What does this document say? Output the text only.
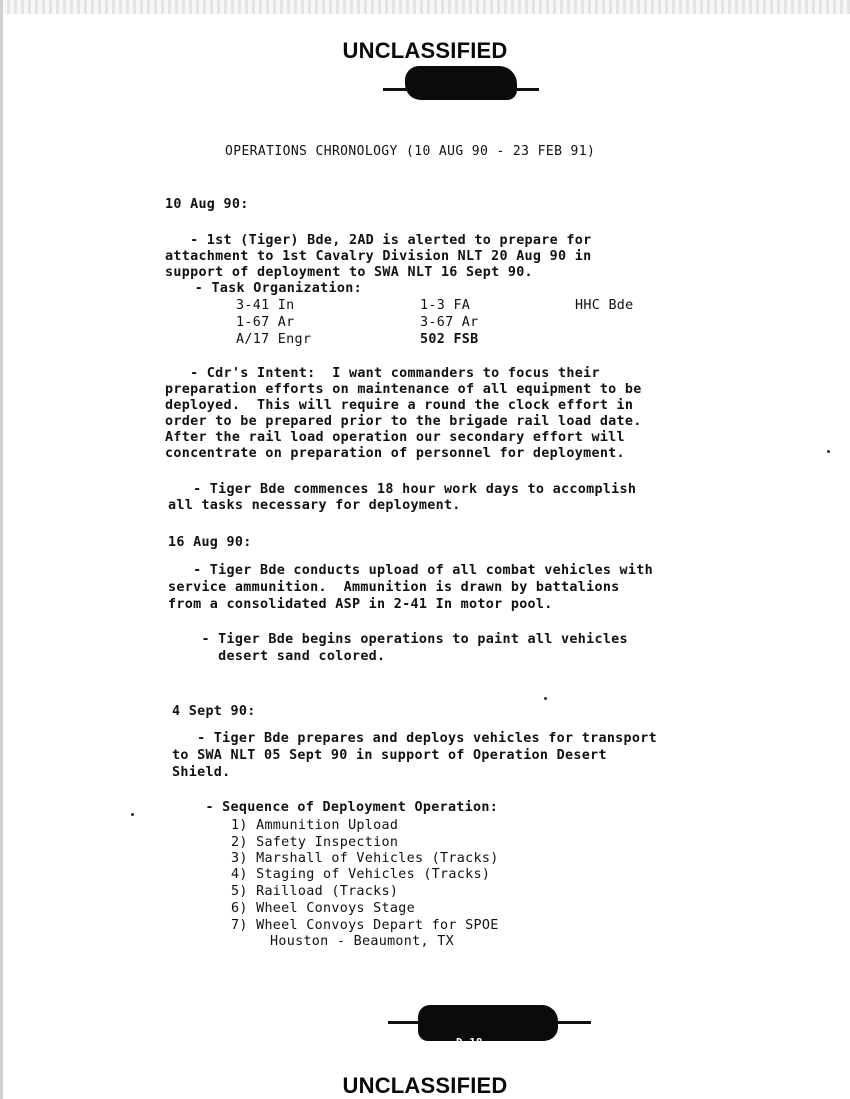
UNCLASSIFIED
OPERATIONS CHRONOLOGY (10 AUG 90 - 23 FEB 91)
10 Aug 90:
- 1st (Tiger) Bde, 2AD is alerted to prepare for
attachment to 1st Cavalry Division NLT 20 Aug 90 in
support of deployment to SWA NLT 16 Sept 90.
- Task Organization:
3-41 In	1-3 FA	HHC Bde
1-67 Ar	3-67 Ar
A/17 Engr	502 FSB
- Cdr's Intent:  I want commanders to focus their
preparation efforts on maintenance of all equipment to be
deployed.  This will require a round the clock effort in
order to be prepared prior to the brigade rail load date.
After the rail load operation our secondary effort will
concentrate on preparation of personnel for deployment.
- Tiger Bde commences 18 hour work days to accomplish
all tasks necessary for deployment.
16 Aug 90:
- Tiger Bde conducts upload of all combat vehicles with
service ammunition.  Ammunition is drawn by battalions
from a consolidated ASP in 2-41 In motor pool.
- Tiger Bde begins operations to paint all vehicles
desert sand colored.
4 Sept 90:
- Tiger Bde prepares and deploys vehicles for transport
to SWA NLT 05 Sept 90 in support of Operation Desert
Shield.
- Sequence of Deployment Operation:
1) Ammunition Upload
2) Safety Inspection
3) Marshall of Vehicles (Tracks)
4) Staging of Vehicles (Tracks)
5) Railload (Tracks)
6) Wheel Convoys Stage
7) Wheel Convoys Depart for SPOE
Houston - Beaumont, TX
D-18
UNCLASSIFIED
